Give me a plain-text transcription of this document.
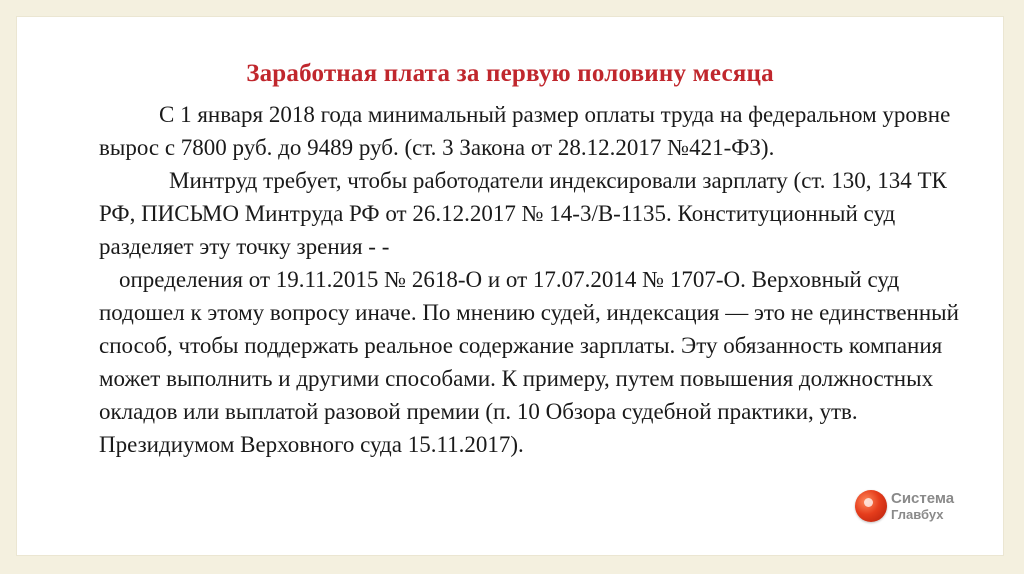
Заработная плата за первую половину месяца

С 1 января 2018 года минимальный размер оплаты труда на федеральном уровне вырос с 7800 руб. до 9489 руб. (ст. 3 Закона от 28.12.2017 №421-ФЗ).

Минтруд требует, чтобы работодатели индексировали зарплату (ст. 130, 134 ТК РФ, ПИСЬМО Минтруда РФ от 26.12.2017 № 14-3/В-1135. Конституционный суд разделяет эту точку зрения - -

определения от 19.11.2015 № 2618-О и от 17.07.2014 № 1707-О. Верховный суд подошел к этому вопросу иначе. По мнению судей, индексация — это не единственный способ, чтобы поддержать реальное содержание зарплаты. Эту обязанность компания может выполнить и другими способами. К примеру, путем повышения должностных окладов или выплатой разовой премии (п. 10 Обзора судебной практики, утв. Президиумом Верховного суда 15.11.2017).

Система
Главбух
